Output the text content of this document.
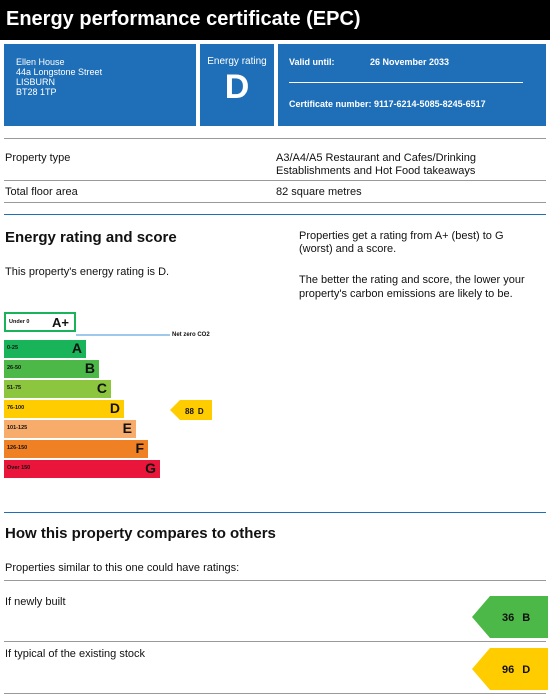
Energy performance certificate (EPC)
Ellen House
44a Longstone Street
LISBURN
BT28 1TP
Energy rating
D
Valid until:	26 November 2033
Certificate number: 9117-6214-5085-8245-6517
Property type	A3/A4/A5 Restaurant and Cafes/Drinking
Establishments and Hot Food takeaways
Total floor area	82 square metres
Energy rating and score
This property's energy rating is D.
Properties get a rating from A+ (best) to G
(worst) and a score.
The better the rating and score, the lower your
property's carbon emissions are likely to be.
Under 0 A+
Net zero CO2
0-25	A
26-50	B
51-75	C
76-100	D
101-125	E
126-150	F
Over 150	G
88 D
How this property compares to others
Properties similar to this one could have ratings:
If newly built
36 B
If typical of the existing stock
96 D
